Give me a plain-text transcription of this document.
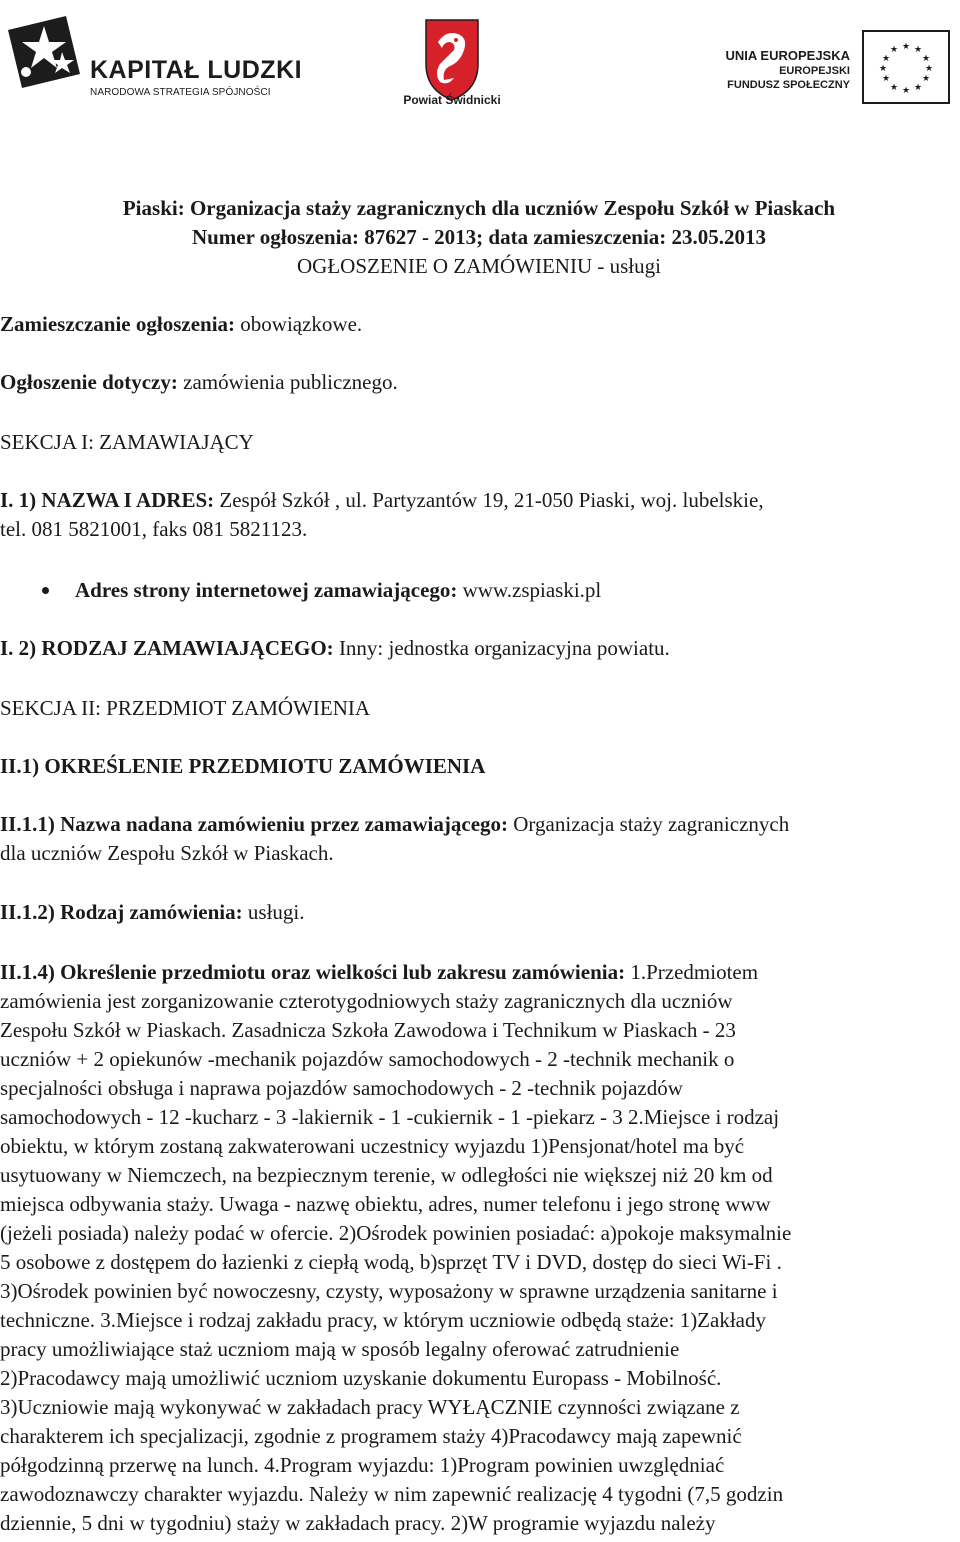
KAPITAŁ LUDZKI
NARODOWA STRATEGIA SPÓJNOŚCI
Powiat Świdnicki
UNIA EUROPEJSKA
EUROPEJSKI
FUNDUSZ SPOŁECZNY
★ ★
★
★
★
★
★
★
★
★
★
★
Piaski: Organizacja staży zagranicznych dla uczniów Zespołu Szkół w Piaskach
Numer ogłoszenia: 87627 - 2013; data zamieszczenia: 23.05.2013
OGŁOSZENIE O ZAMÓWIENIU - usługi

Zamieszczanie ogłoszenia: obowiązkowe.

Ogłoszenie dotyczy: zamówienia publicznego.

SEKCJA I: ZAMAWIAJĄCY

I. 1) NAZWA I ADRES: Zespół Szkół , ul. Partyzantów 19, 21-050 Piaski, woj. lubelskie,
tel. 081 5821001, faks 081 5821123.

Adres strony internetowej zamawiającego: www.zspiaski.pl

I. 2) RODZAJ ZAMAWIAJĄCEGO: Inny: jednostka organizacyjna powiatu.

SEKCJA II: PRZEDMIOT ZAMÓWIENIA

II.1) OKREŚLENIE PRZEDMIOTU ZAMÓWIENIA

II.1.1) Nazwa nadana zamówieniu przez zamawiającego: Organizacja staży zagranicznych
dla uczniów Zespołu Szkół w Piaskach.

II.1.2) Rodzaj zamówienia: usługi.

II.1.4) Określenie przedmiotu oraz wielkości lub zakresu zamówienia: 1.Przedmiotem
zamówienia jest zorganizowanie czterotygodniowych staży zagranicznych dla uczniów
Zespołu Szkół w Piaskach. Zasadnicza Szkoła Zawodowa i Technikum w Piaskach - 23
uczniów + 2 opiekunów -mechanik pojazdów samochodowych - 2 -technik mechanik o
specjalności obsługa i naprawa pojazdów samochodowych - 2 -technik pojazdów
samochodowych - 12 -kucharz - 3 -lakiernik - 1 -cukiernik - 1 -piekarz - 3 2.Miejsce i rodzaj
obiektu, w którym zostaną zakwaterowani uczestnicy wyjazdu 1)Pensjonat/hotel ma być
usytuowany w Niemczech, na bezpiecznym terenie, w odległości nie większej niż 20 km od
miejsca odbywania staży. Uwaga - nazwę obiektu, adres, numer telefonu i jego stronę www
(jeżeli posiada) należy podać w ofercie. 2)Ośrodek powinien posiadać: a)pokoje maksymalnie
5 osobowe z dostępem do łazienki z ciepłą wodą, b)sprzęt TV i DVD, dostęp do sieci Wi-Fi .
3)Ośrodek powinien być nowoczesny, czysty, wyposażony w sprawne urządzenia sanitarne i
techniczne. 3.Miejsce i rodzaj zakładu pracy, w którym uczniowie odbędą staże: 1)Zakłady
pracy umożliwiające staż uczniom mają w sposób legalny oferować zatrudnienie
2)Pracodawcy mają umożliwić uczniom uzyskanie dokumentu Europass - Mobilność.
3)Uczniowie mają wykonywać w zakładach pracy WYŁĄCZNIE czynności związane z
charakterem ich specjalizacji, zgodnie z programem staży 4)Pracodawcy mają zapewnić
półgodzinną przerwę na lunch. 4.Program wyjazdu: 1)Program powinien uwzględniać
zawodoznawczy charakter wyjazdu. Należy w nim zapewnić realizację 4 tygodni (7,5 godzin
dziennie, 5 dni w tygodniu) staży w zakładach pracy. 2)W programie wyjazdu należy
